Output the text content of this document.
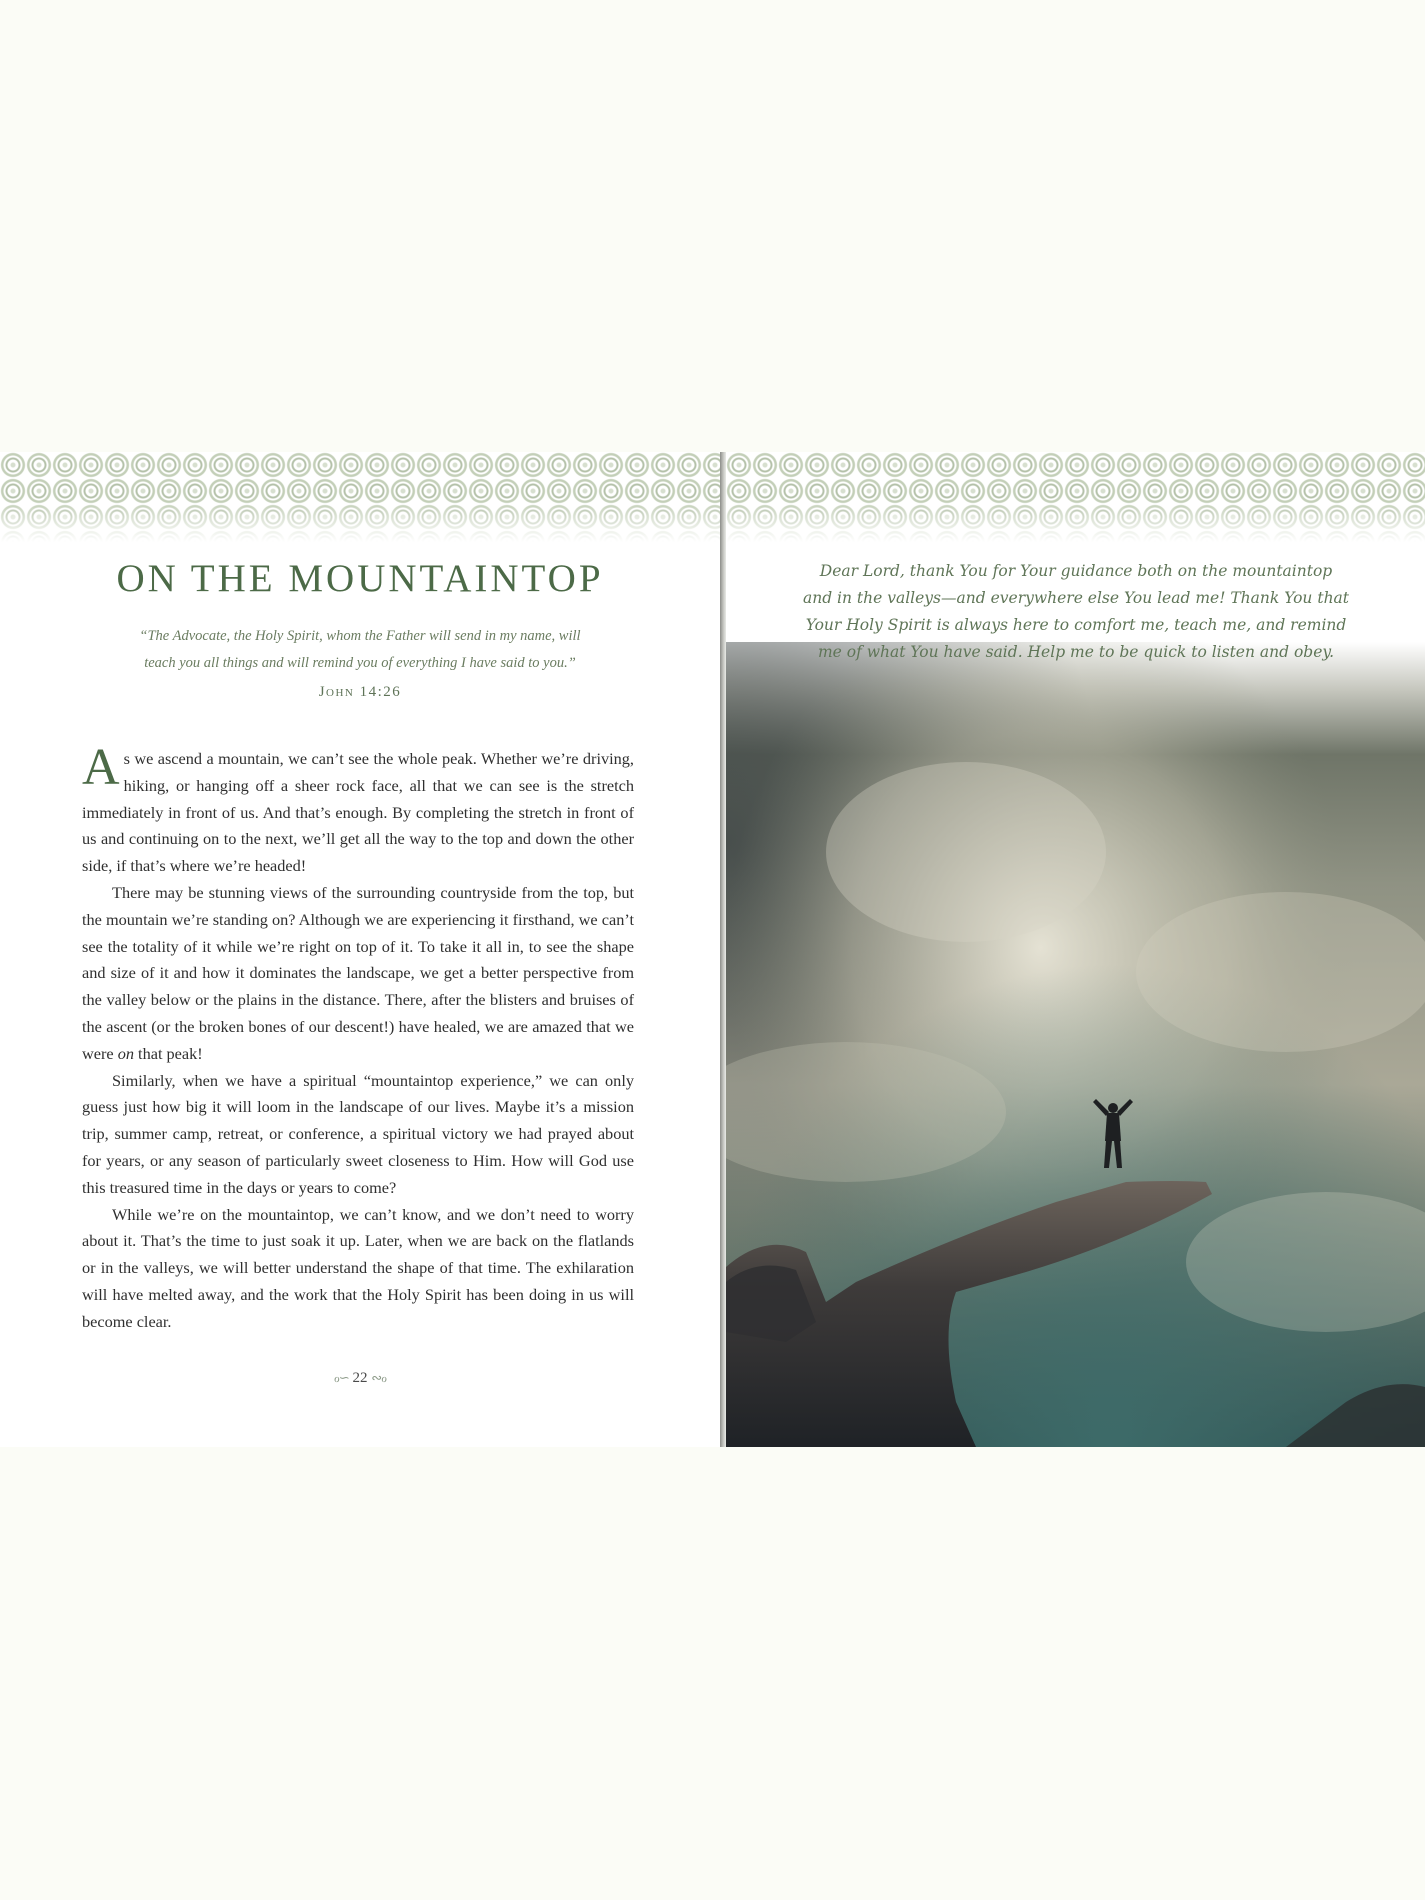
ON THE MOUNTAINTOP

“The Advocate, the Holy Spirit, whom the Father will send in my name, will
teach you all things and will remind you of everything I have said to you.”

John 14:26

As we ascend a mountain, we can’t see the whole peak. Whether we’re driving, hiking, or hanging off a sheer rock face, all that we can see is the stretch immediately in front of us. And that’s enough. By completing the stretch in front of us and continuing on to the next, we’ll get all the way to the top and down the other side, if that’s where we’re headed!

There may be stunning views of the surrounding countryside from the top, but the mountain we’re standing on? Although we are experiencing it firsthand, we can’t see the totality of it while we’re right on top of it. To take it all in, to see the shape and size of it and how it dominates the landscape, we get a better perspective from the valley below or the plains in the distance. There, after the blisters and bruises of the ascent (or the broken bones of our descent!) have healed, we are amazed that we were on that peak!

Similarly, when we have a spiritual “mountaintop experience,” we can only guess just how big it will loom in the landscape of our lives. Maybe it’s a mission trip, summer camp, retreat, or conference, a spiritual victory we had prayed about for years, or any season of particularly sweet closeness to Him. How will God use this treasured time in the days or years to come?

While we’re on the mountaintop, we can’t know, and we don’t need to worry about it. That’s the time to just soak it up. Later, when we are back on the flatlands or in the valleys, we will better understand the shape of that time. The exhilaration will have melted away, and the work that the Holy Spirit has been doing in us will become clear.

ℴ∽ 22 ∾ℴ

Dear Lord, thank You for Your guidance both on the mountaintop
and in the valleys—and everywhere else You lead me! Thank You that
Your Holy Spirit is always here to comfort me, teach me, and remind
me of what You have said. Help me to be quick to listen and obey.
